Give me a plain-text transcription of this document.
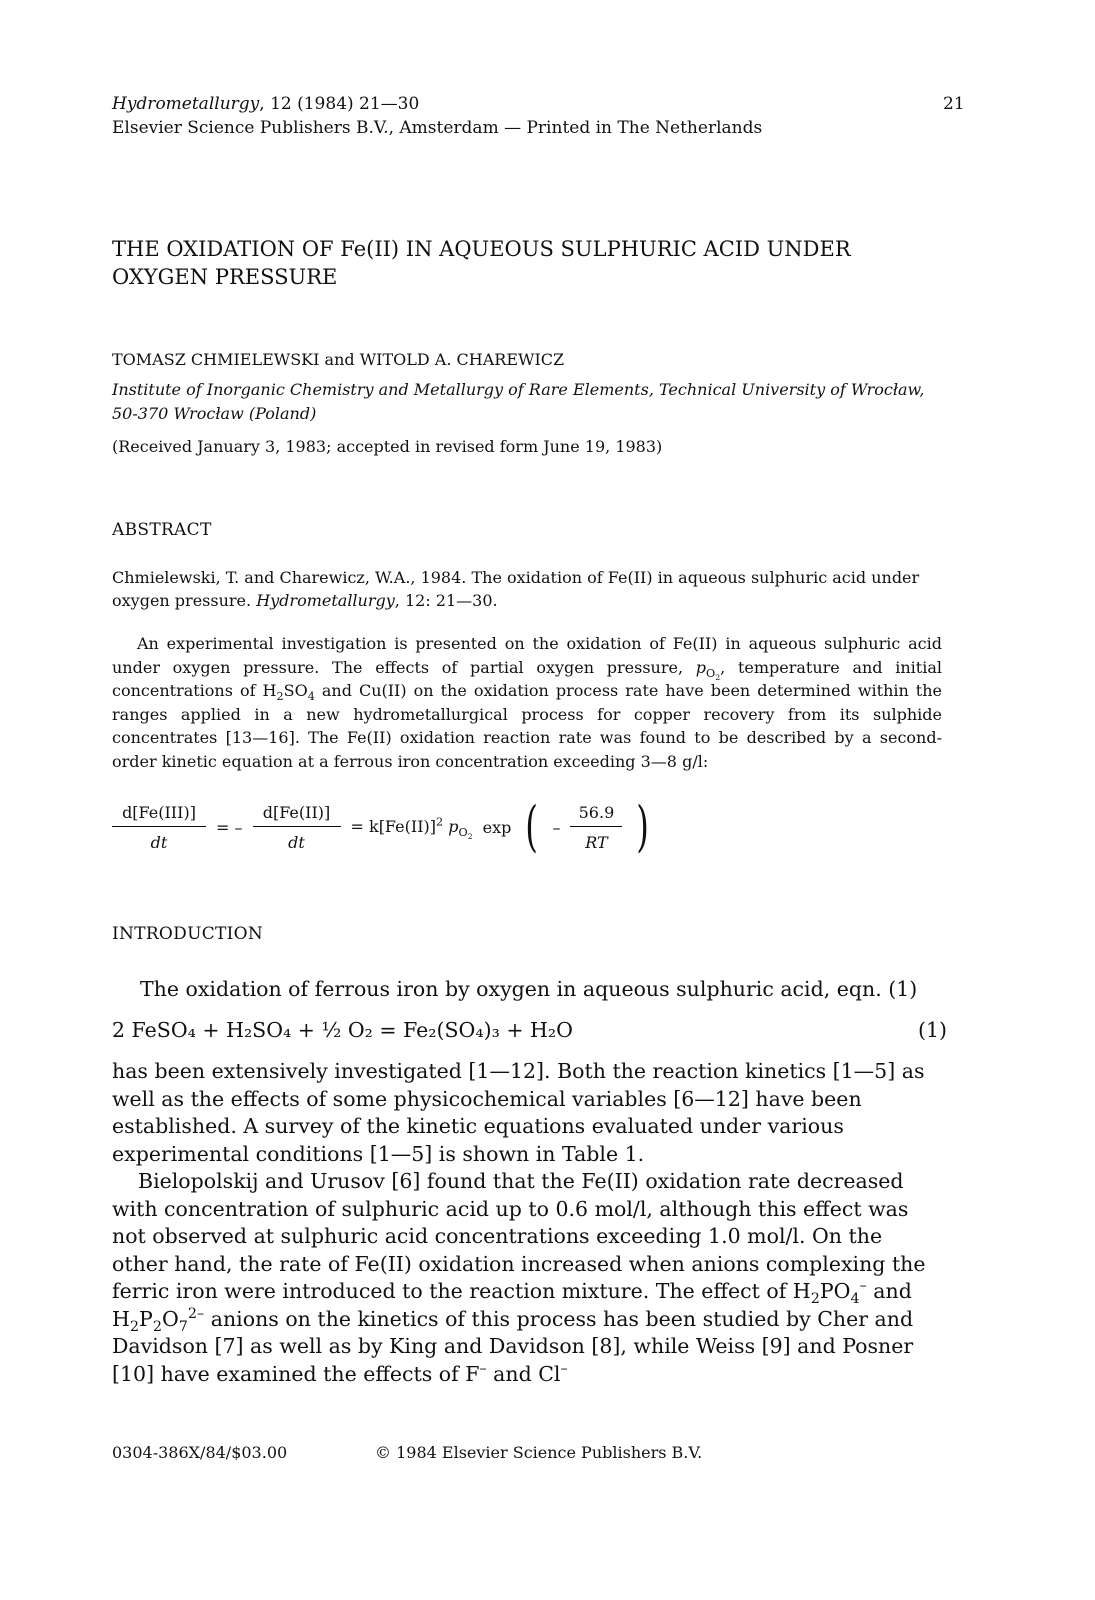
Hydrometallurgy, 12 (1984) 21—30
Elsevier Science Publishers B.V., Amsterdam — Printed in The Netherlands
21
THE OXIDATION OF Fe(II) IN AQUEOUS SULPHURIC ACID UNDER OXYGEN PRESSURE
TOMASZ CHMIELEWSKI and WITOLD A. CHAREWICZ
Institute of Inorganic Chemistry and Metallurgy of Rare Elements, Technical University of Wrocław, 50-370 Wrocław (Poland)
(Received January 3, 1983; accepted in revised form June 19, 1983)
ABSTRACT
Chmielewski, T. and Charewicz, W.A., 1984. The oxidation of Fe(II) in aqueous sulphuric acid under oxygen pressure. Hydrometallurgy, 12: 21—30.

An experimental investigation is presented on the oxidation of Fe(II) in aqueous sulphuric acid under oxygen pressure. The effects of partial oxygen pressure, $p_{O_2}$, temperature and initial concentrations of $H_2SO_4$ and Cu(II) on the oxidation process rate have been determined within the ranges applied in a new hydrometallurgical process for copper recovery from its sulphide concentrates [13—16]. The Fe(II) oxidation reaction rate was found to be described by a second-order kinetic equation at a ferrous iron concentration exceeding 3—8 g/l:

$\frac{\text{d[Fe(III)]}}{dt}$ = – $\frac{d[Fe(II)]}{dt} = k[Fe(II)]^2$ $p_{O_2}$
exp ( – $\frac{56.9}{RT}$ )
INTRODUCTION

The oxidation of ferrous iron by oxygen in aqueous sulphuric acid, eqn. (1)

2 FeSO₄ + H₂SO₄ + ½ O₂ = Fe₂(SO₄)₃ + H₂O	(1)

has been extensively investigated [1—12]. Both the reaction kinetics [1—5] as well as the effects of some physicochemical variables [6—12] have been established. A survey of the kinetic equations evaluated under various experimental conditions [1—5] is shown in Table 1.

Bielopolskij and Urusov [6] found that the Fe(II) oxidation rate decreased with concentration of sulphuric acid up to 0.6 mol/l, although this effect was not observed at sulphuric acid concentrations exceeding 1.0 mol/l. On the other hand, the rate of Fe(II) oxidation increased when anions complexing the ferric iron were introduced to the reaction mixture. The effect of $H_2PO_4^-$ and $H_2P_2O_7^{2-}$ anions on the kinetics of this process has been studied by Cher and Davidson [7] as well as by King and Davidson [8], while Weiss [9] and Posner [10] have examined the effects of F– and Cl–

0304-386X/84/$03.00	© 1984 Elsevier Science Publishers B.V.
